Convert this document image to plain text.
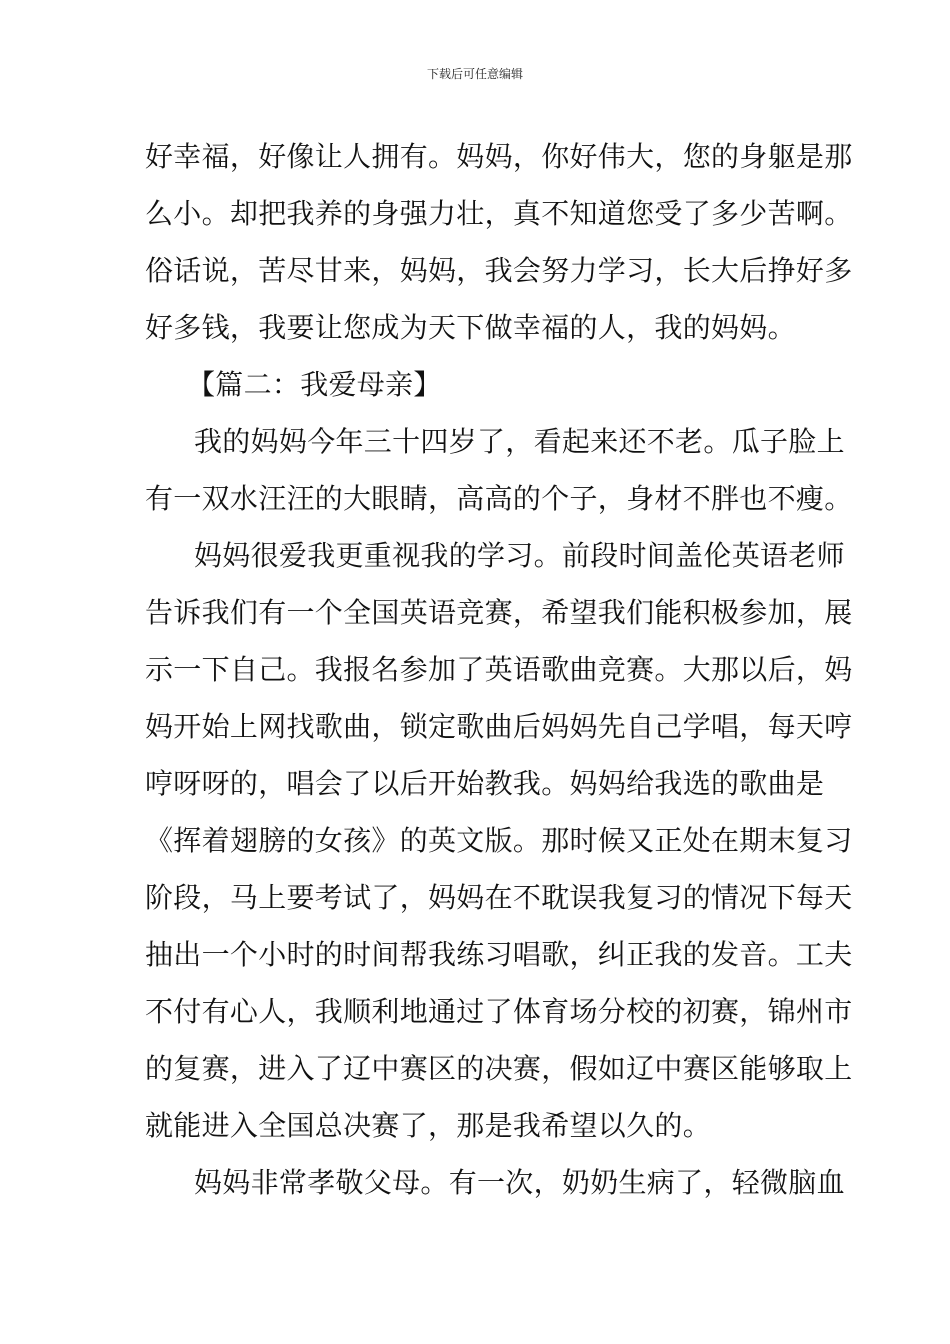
下载后可任意编辑
好幸福，好像让人拥有。妈妈，你好伟大，您的身躯是那
么小。却把我养的身强力壮，真不知道您受了多少苦啊。
俗话说，苦尽甘来，妈妈，我会努力学习，长大后挣好多
好多钱，我要让您成为天下做幸福的人，我的妈妈。
【篇二：我爱母亲】
我的妈妈今年三十四岁了，看起来还不老。瓜子脸上
有一双水汪汪的大眼睛，高高的个子，身材不胖也不瘦。
妈妈很爱我更重视我的学习。前段时间盖伦英语老师
告诉我们有一个全国英语竞赛，希望我们能积极参加，展
示一下自己。我报名参加了英语歌曲竞赛。大那以后，妈
妈开始上网找歌曲，锁定歌曲后妈妈先自己学唱，每天哼
哼呀呀的，唱会了以后开始教我。妈妈给我选的歌曲是
《挥着翅膀的女孩》的英文版。那时候又正处在期末复习
阶段，马上要考试了，妈妈在不耽误我复习的情况下每天
抽出一个小时的时间帮我练习唱歌，纠正我的发音。工夫
不付有心人，我顺利地通过了体育场分校的初赛，锦州市
的复赛，进入了辽中赛区的决赛，假如辽中赛区能够取上
就能进入全国总决赛了，那是我希望以久的。
妈妈非常孝敬父母。有一次，奶奶生病了，轻微脑血
